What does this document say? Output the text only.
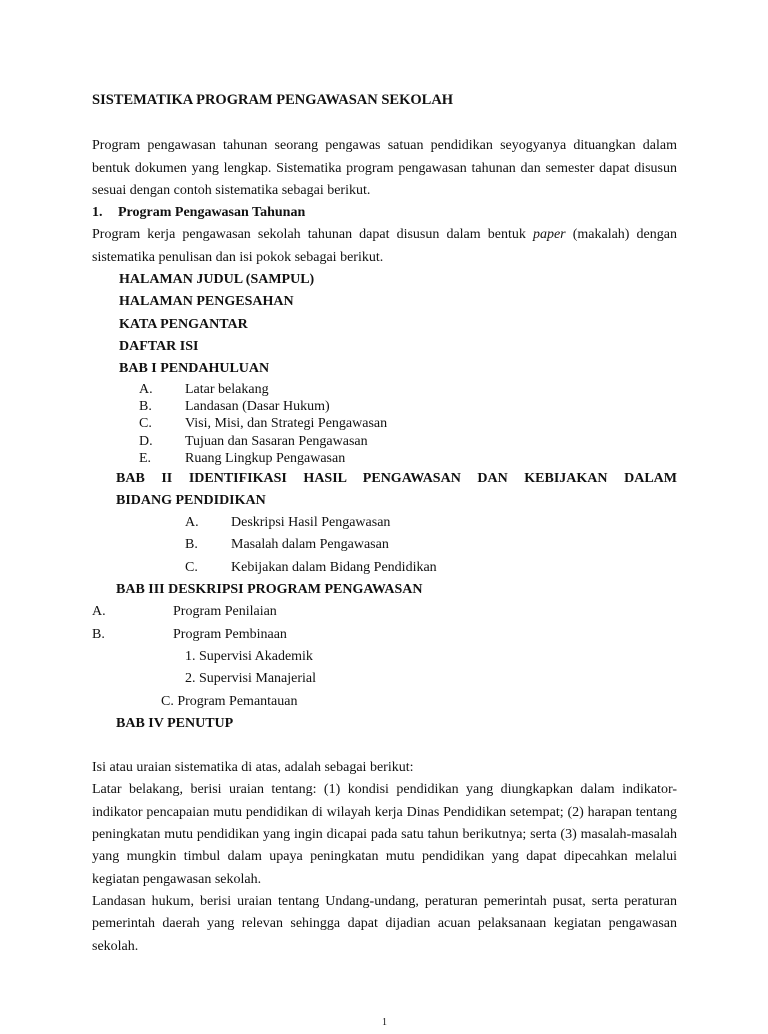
SISTEMATIKA PROGRAM PENGAWASAN SEKOLAH

Program pengawasan tahunan seorang pengawas satuan pendidikan seyogyanya dituangkan dalam bentuk dokumen yang lengkap. Sistematika program pengawasan tahunan dan semester dapat disusun sesuai dengan contoh sistematika sebagai berikut.

1. Program Pengawasan Tahunan

Program kerja pengawasan sekolah tahunan dapat disusun dalam bentuk paper (makalah) dengan sistematika penulisan dan isi pokok sebagai berikut.

HALAMAN JUDUL (SAMPUL)

HALAMAN PENGESAHAN

KATA PENGANTAR

DAFTAR ISI

BAB I PENDAHULUAN

A.	Latar belakang
B.	Landasan (Dasar Hukum)
C.	Visi, Misi, dan Strategi Pengawasan
D.	Tujuan dan Sasaran Pengawasan
E.	Ruang Lingkup Pengawasan

BAB II IDENTIFIKASI HASIL PENGAWASAN DAN KEBIJAKAN DALAM

BIDANG PENDIDIKAN

A.	Deskripsi Hasil Pengawasan
B.	Masalah dalam Pengawasan
C.	Kebijakan dalam Bidang Pendidikan

BAB III DESKRIPSI PROGRAM PENGAWASAN

A.	Program Penilaian
B.	Program Pembinaan
1. Supervisi Akademik
2. Supervisi Manajerial
C. Program Pemantauan

BAB IV PENUTUP

Isi atau uraian sistematika di atas, adalah sebagai berikut:

Latar belakang, berisi uraian tentang: (1) kondisi pendidikan yang diungkapkan dalam indikator-indikator pencapaian mutu pendidikan di wilayah kerja Dinas Pendidikan setempat; (2) harapan tentang peningkatan mutu pendidikan yang ingin dicapai pada satu tahun berikutnya; serta (3) masalah-masalah yang mungkin timbul dalam upaya peningkatan mutu pendidikan yang dapat dipecahkan melalui kegiatan pengawasan sekolah.

Landasan hukum, berisi uraian tentang Undang-undang, peraturan pemerintah pusat, serta peraturan pemerintah daerah yang relevan sehingga dapat dijadian acuan pelaksanaan kegiatan pengawasan sekolah.

1
